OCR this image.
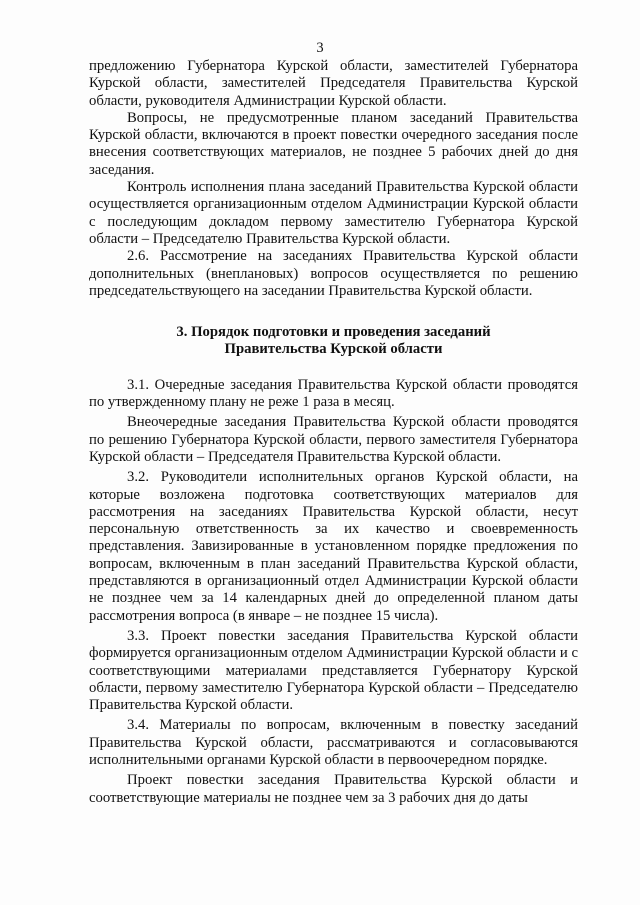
3

предложению Губернатора Курской области, заместителей Губернатора Курской области, заместителей Председателя Правительства Курской области, руководителя Администрации Курской области.

Вопросы, не предусмотренные планом заседаний Правительства Курской области, включаются в проект повестки очередного заседания после внесения соответствующих материалов, не позднее 5 рабочих дней до дня заседания.

Контроль исполнения плана заседаний Правительства Курской области осуществляется организационным отделом Администрации Курской области с последующим докладом первому заместителю Губернатора Курской области – Председателю Правительства Курской области.

2.6. Рассмотрение на заседаниях Правительства Курской области дополнительных (внеплановых) вопросов осуществляется по решению председательствующего на заседании Правительства Курской области.

3. Порядок подготовки и проведения заседаний
Правительства Курской области

3.1. Очередные заседания Правительства Курской области проводятся по утвержденному плану не реже 1 раза в месяц.

Внеочередные заседания Правительства Курской области проводятся по решению Губернатора Курской области, первого заместителя Губернатора Курской области – Председателя Правительства Курской области.

3.2. Руководители исполнительных органов Курской области, на которые возложена подготовка соответствующих материалов для рассмотрения на заседаниях Правительства Курской области, несут персональную ответственность за их качество и своевременность представления. Завизированные в установленном порядке предложения по вопросам, включенным в план заседаний Правительства Курской области, представляются в организационный отдел Администрации Курской области не позднее чем за 14 календарных дней до определенной планом даты рассмотрения вопроса (в январе – не позднее 15 числа).

3.3. Проект повестки заседания Правительства Курской области формируется организационным отделом Администрации Курской области и с соответствующими материалами представляется Губернатору Курской области, первому заместителю Губернатора Курской области – Председателю Правительства Курской области.

3.4. Материалы по вопросам, включенным в повестку заседаний Правительства Курской области, рассматриваются и согласовываются исполнительными органами Курской области в первоочередном порядке.

Проект повестки заседания Правительства Курской области и соответствующие материалы не позднее чем за 3 рабочих дня до даты
